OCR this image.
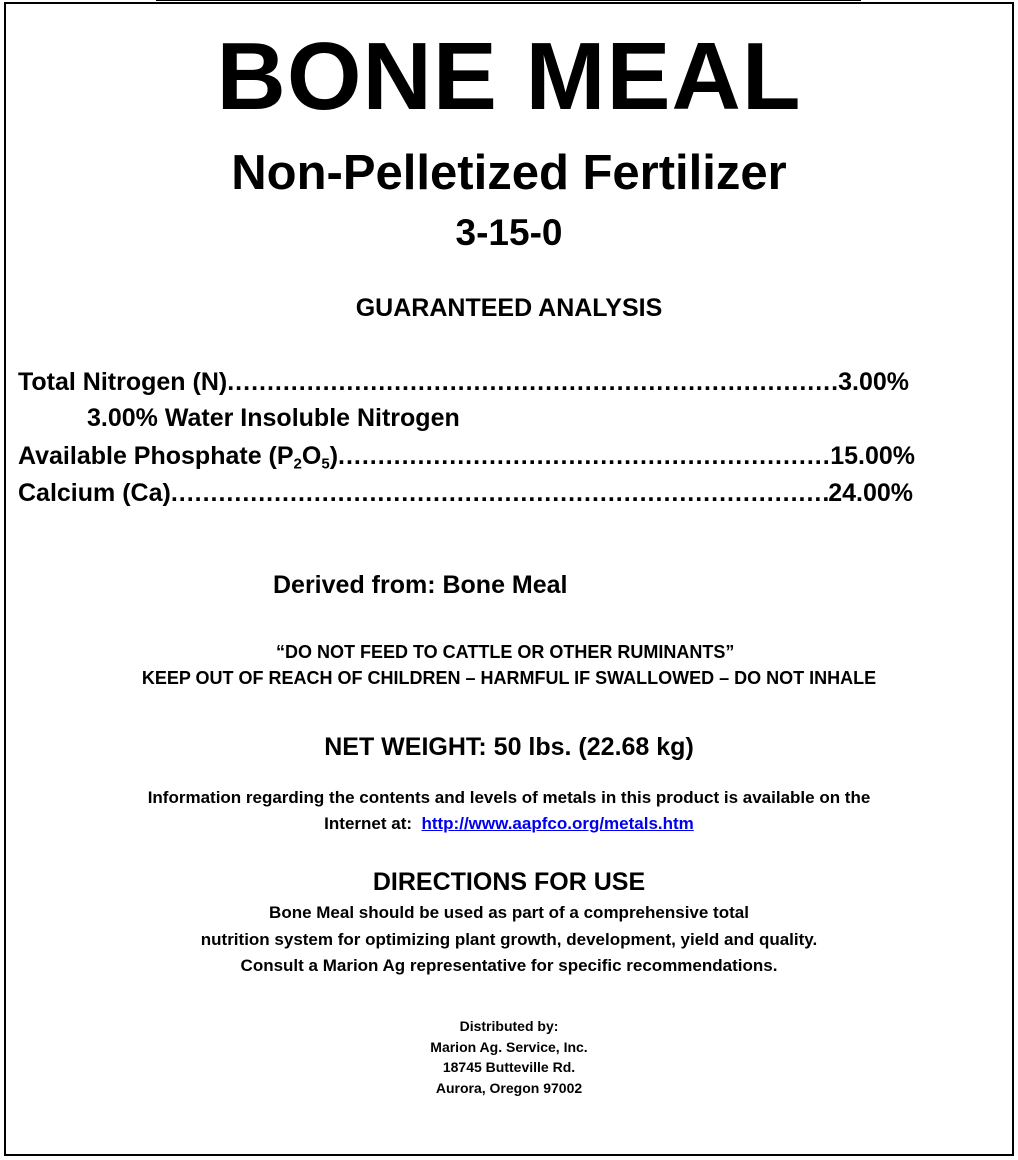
BONE MEAL
Non-Pelletized Fertilizer
3-15-0
GUARANTEED ANALYSIS
Total Nitrogen (N) .....	3.00%
3.00% Water Insoluble Nitrogen
Available Phosphate $(P_2O_5)$ .....	15.00%
Calcium (Ca) .....	24.00%
Derived from: Bone Meal
“DO NOT FEED TO CATTLE OR OTHER RUMINANTS”
KEEP OUT OF REACH OF CHILDREN – HARMFUL IF SWALLOWED – DO NOT INHALE
NET WEIGHT: 50 lbs. (22.68 kg)
Information regarding the contents and levels of metals in this product is available on the
Internet at:  http://www.aapfco.org/metals.htm
DIRECTIONS FOR USE
Bone Meal should be used as part of a comprehensive total
nutrition system for optimizing plant growth, development, yield and quality.
Consult a Marion Ag representative for specific recommendations.
Distributed by:
Marion Ag. Service, Inc.
18745 Butteville Rd.
Aurora, Oregon 97002
